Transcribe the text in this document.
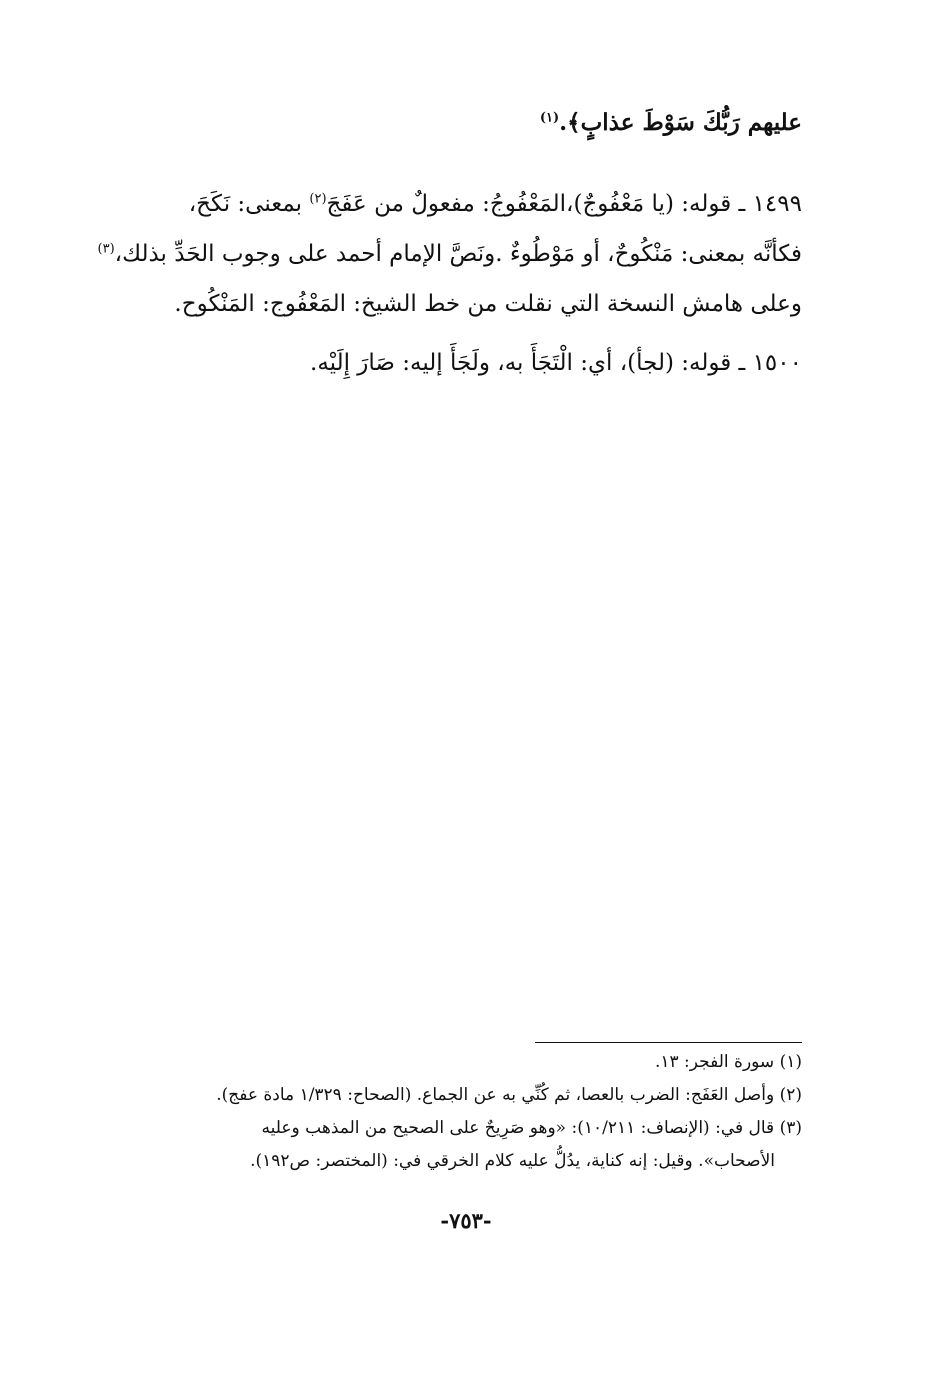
عليهم رَبُّكَ سَوْطَ عذابٍ﴾.$^{(١)}$
١٤٩٩ ـ قوله: (يا مَعْفُوجٌ)،المَعْفُوجُ: مفعولٌ من عَفَجَ$^{(٢)}$ بمعنى: نَكَحَ،
فكأنَّه بمعنى: مَنْكُوحٌ، أو مَوْطُوءٌ .ونَصَّ الإمام أحمد على وجوب الحَدِّ بذلك،$^{(٣)}$
وعلى هامش النسخة التي نقلت من خط الشيخ: المَعْفُوج: المَنْكُوح.
١٥٠٠ ـ قوله: (لجأ)، أي: الْتَجَأَ به، ولَجَأَ إليه: صَارَ إِلَيْه.
(١) سورة الفجر: ١٣.
(٢) وأصل العَفَج: الضرب بالعصا، ثم كُنِّي به عن الجماع. (الصحاح: ١/٣٢٩ مادة عفج).
(٣) قال في: (الإنصاف: ١٠/٢١١): «وهو صَرِيحٌ على الصحيح من المذهب وعليه
الأصحاب». وقيل: إنه كناية، يدُلُّ عليه كلام الخرقي في: (المختصر: ص١٩٢).
-٧٥٣-
